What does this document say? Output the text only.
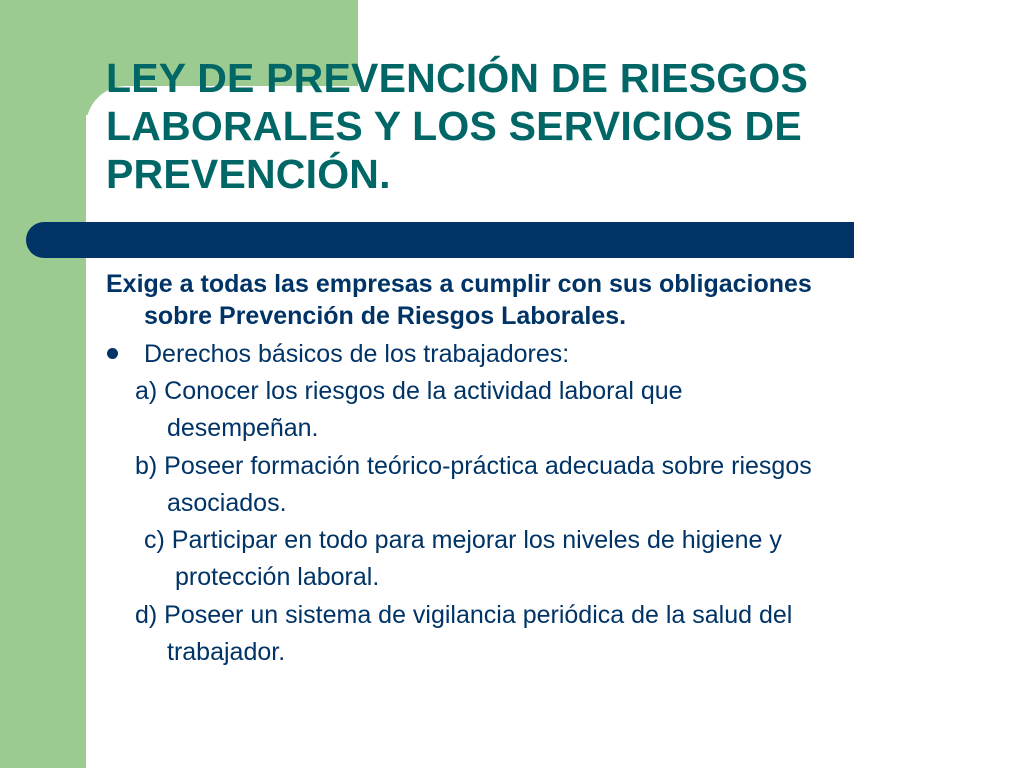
LEY DE PREVENCIÓN DE RIESGOS
LABORALES Y LOS SERVICIOS DE
PREVENCIÓN.
Exige a todas las empresas a cumplir con sus obligaciones
sobre Prevención de Riesgos Laborales.
Derechos básicos de los trabajadores:
a) Conocer los riesgos de la actividad laboral que
desempeñan.
b) Poseer formación teórico-práctica adecuada sobre riesgos
asociados.
c) Participar en todo para mejorar los niveles de higiene y
protección laboral.
d) Poseer un sistema de vigilancia periódica de la salud del
trabajador.
